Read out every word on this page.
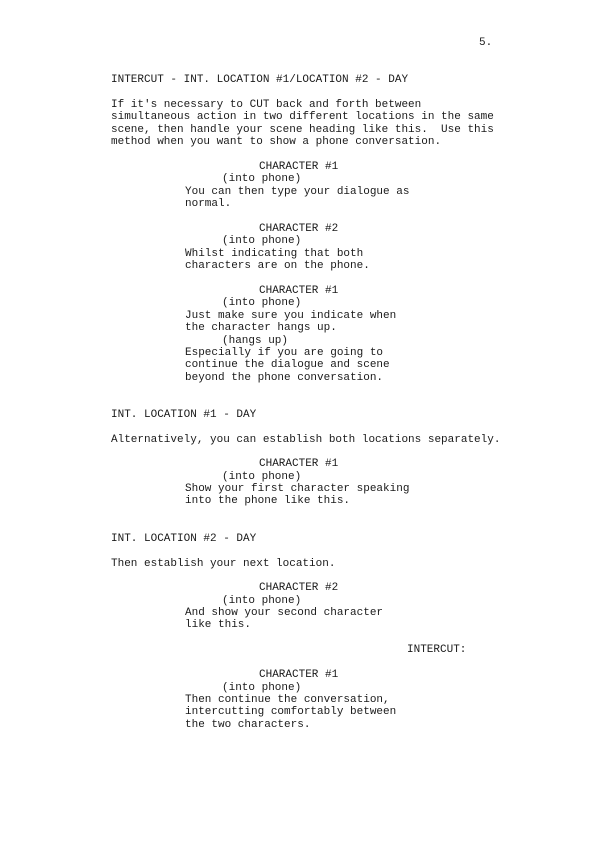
5.
INTERCUT - INT. LOCATION #1/LOCATION #2 - DAY
If it's necessary to CUT back and forth between
simultaneous action in two different locations in the same
scene, then handle your scene heading like this.  Use this
method when you want to show a phone conversation.
CHARACTER #1
(into phone)
You can then type your dialogue as
normal.
CHARACTER #2
(into phone)
Whilst indicating that both
characters are on the phone.
CHARACTER #1
(into phone)
Just make sure you indicate when
the character hangs up.
(hangs up)
Especially if you are going to
continue the dialogue and scene
beyond the phone conversation.
INT. LOCATION #1 - DAY
Alternatively, you can establish both locations separately.
CHARACTER #1
(into phone)
Show your first character speaking
into the phone like this.
INT. LOCATION #2 - DAY
Then establish your next location.
CHARACTER #2
(into phone)
And show your second character
like this.
INTERCUT:
CHARACTER #1
(into phone)
Then continue the conversation,
intercutting comfortably between
the two characters.
